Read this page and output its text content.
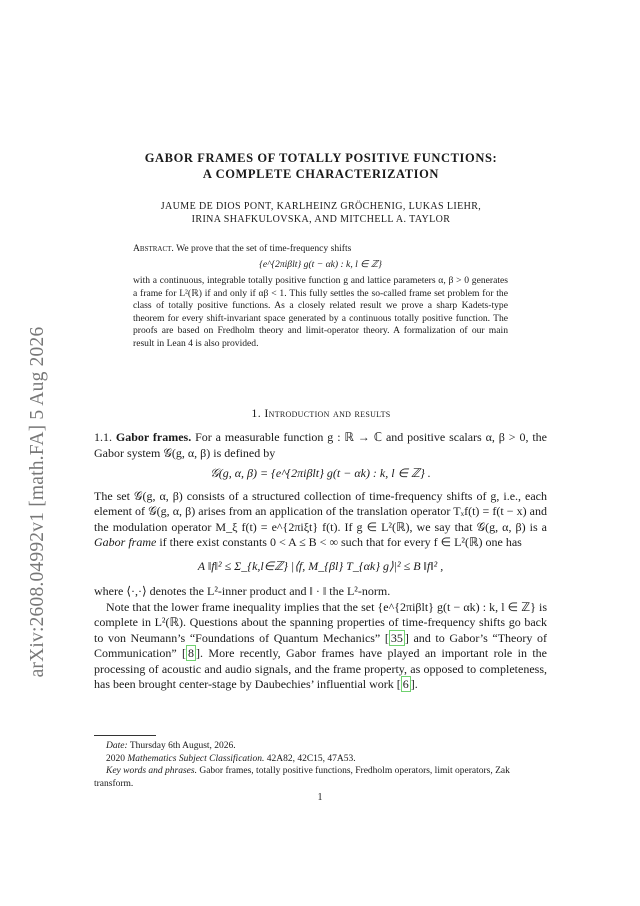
arXiv:2608.04992v1 [math.FA] 5 Aug 2026
GABOR FRAMES OF TOTALLY POSITIVE FUNCTIONS:
A COMPLETE CHARACTERIZATION
JAUME DE DIOS PONT, KARLHEINZ GRÖCHENIG, LUKAS LIEHR,
IRINA SHAFKULOVSKA, AND MITCHELL A. TAYLOR

Abstract. We prove that the set of time-frequency shifts

{e^{2πiβlt} g(t − αk) : k, l ∈ ℤ}

with a continuous, integrable totally positive function g and lattice parameters α, β > 0 generates a frame for L²(ℝ) if and only if αβ < 1. This fully settles the so-called frame set problem for the class of totally positive functions. As a closely related result we prove a sharp Kadets-type theorem for every shift-invariant space generated by a continuous totally positive function. The proofs are based on Fredholm theory and limit-operator theory. A formalization of our main result in Lean 4 is also provided.

1. Introduction and results

1.1. Gabor frames. For a measurable function g : ℝ → ℂ and positive scalars α, β > 0, the Gabor system 𝒢(g, α, β) is defined by

𝒢(g, α, β) = {e^{2πiβlt} g(t − αk) : k, l ∈ ℤ} .

The set 𝒢(g, α, β) consists of a structured collection of time-frequency shifts of g, i.e., each element of 𝒢(g, α, β) arises from an application of the translation operator Tₓf(t) = f(t − x) and the modulation operator M_ξ f(t) = e^{2πiξt} f(t). If g ∈ L²(ℝ), we say that 𝒢(g, α, β) is a Gabor frame if there exist constants 0 < A ≤ B < ∞ such that for every f ∈ L²(ℝ) one has

A ‖f‖² ≤ Σ_{k,l∈ℤ} |⟨f, M_{βl} T_{αk} g⟩|² ≤ B ‖f‖² ,

where ⟨·,·⟩ denotes the L²-inner product and ‖ · ‖ the L²-norm.

Note that the lower frame inequality implies that the set {e^{2πiβlt} g(t − αk) : k, l ∈ ℤ} is complete in L²(ℝ). Questions about the spanning properties of time-frequency shifts go back to von Neumann’s “Foundations of Quantum Mechanics” [ 35 ] and to Gabor’s “Theory of Communication” [ 8 ]. More recently, Gabor frames have played an important role in the processing of acoustic and audio signals, and the frame property, as opposed to completeness, has been brought center-stage by Daubechies’ influential work [ 6 ].

Date: Thursday 6th August, 2026.

2020 Mathematics Subject Classification. 42A82, 42C15, 47A53.

Key words and phrases. Gabor frames, totally positive functions, Fredholm operators, limit operators, Zak transform.

1
